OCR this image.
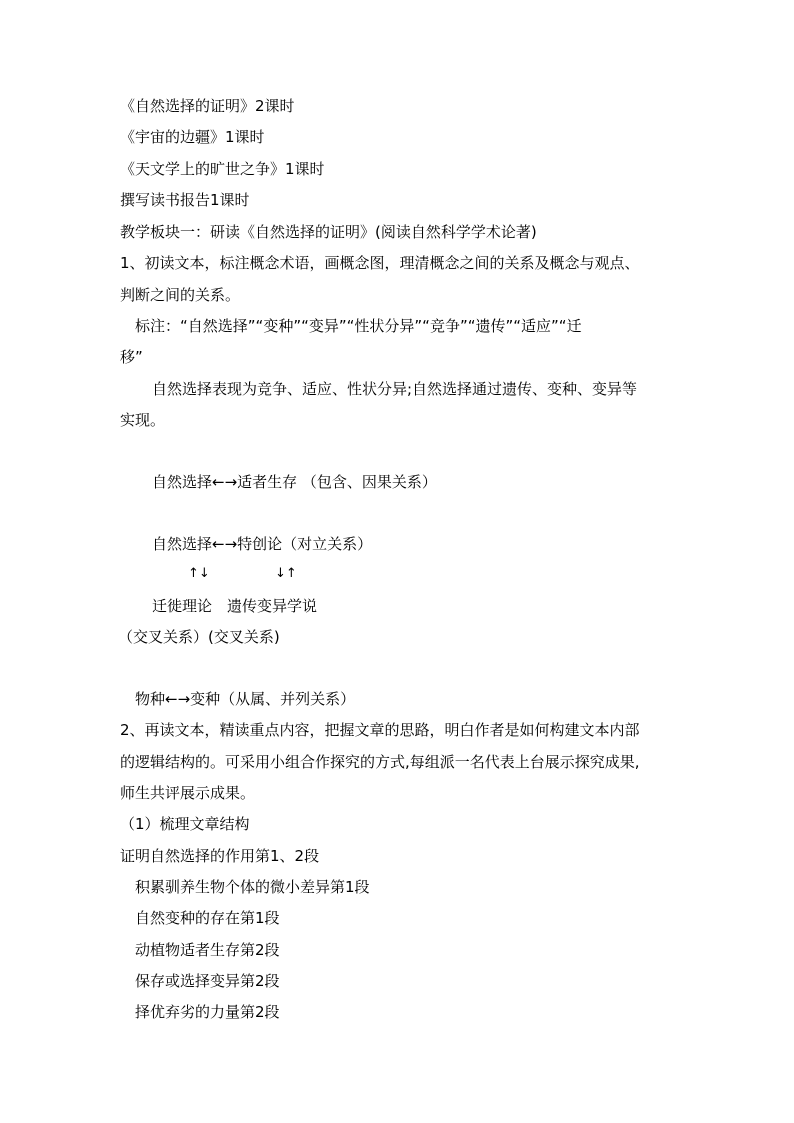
《自然选择的证明》2课时

《宇宙的边疆》1课时

《天文学上的旷世之争》1课时

撰写读书报告1课时

教学板块一：研读《自然选择的证明》(阅读自然科学学术论著)

1、初读文本，标注概念术语，画概念图，理清概念之间的关系及概念与观点、

判断之间的关系。

标注：“自然选择”“变种”“变异”“性状分异”“竞争”“遗传”“适应”“迁

移”

自然选择表现为竞争、适应、性状分异;自然选择通过遗传、变种、变异等

实现。

自然选择←→适者生存 （包含、因果关系）

自然选择←→特创论（对立关系）

↑↓	↓↑

迁徙理论　遗传变异学说

（交叉关系）(交叉关系)

物种←→变种（从属、并列关系）

2、再读文本，精读重点内容，把握文章的思路，明白作者是如何构建文本内部

的逻辑结构的。可采用小组合作探究的方式,每组派一名代表上台展示探究成果,

师生共评展示成果。

（1）梳理文章结构

证明自然选择的作用第1、2段

积累驯养生物个体的微小差异第1段

自然变种的存在第1段

动植物适者生存第2段

保存或选择变异第2段

择优弃劣的力量第2段
